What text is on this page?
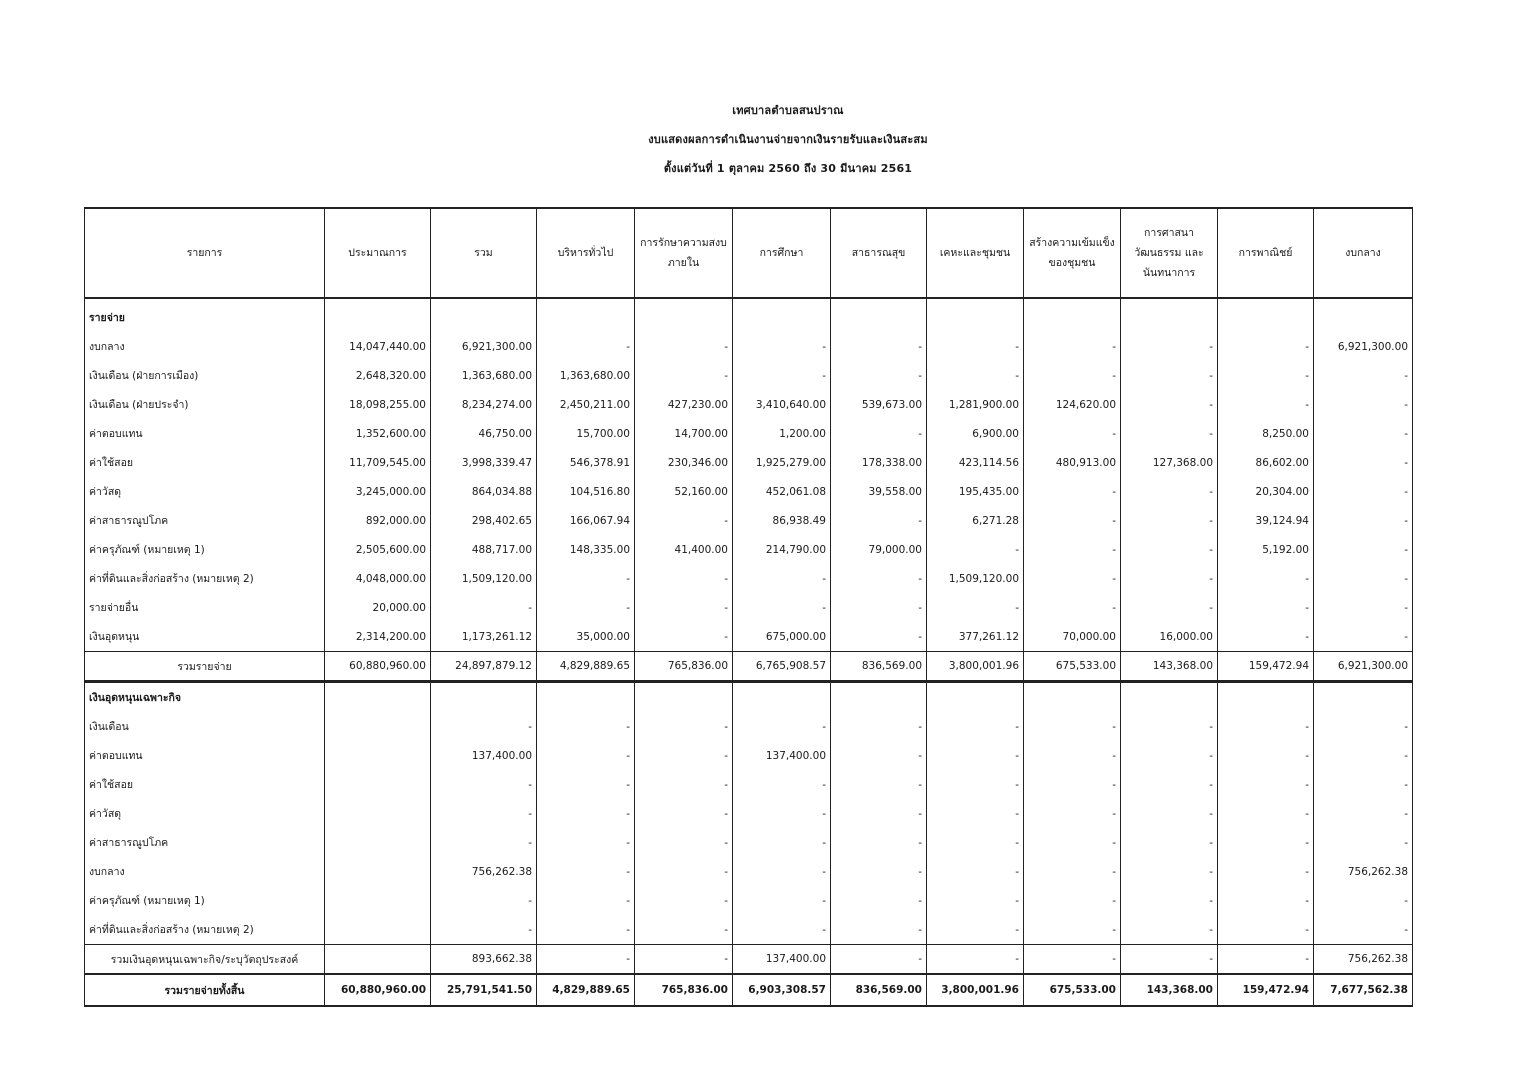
เทศบาลตำบลสนปราณ
งบแสดงผลการดำเนินงานจ่ายจากเงินรายรับและเงินสะสม
ตั้งแต่วันที่ 1 ตุลาคม 2560 ถึง 30 มีนาคม 2561
รายการ	ประมาณการ	รวม	บริหารทั่วไป	การรักษาความสงบภายใน	การศึกษา	สาธารณสุข	เคหะและชุมชน	สร้างความเข้มแข็งของชุมชน	การศาสนา วัฒนธรรม และนันทนาการ	การพาณิชย์	งบกลาง
รายจ่าย											
งบกลาง	14,047,440.00	6,921,300.00	-	-	-	-	-	-	-	-	6,921,300.00
เงินเดือน (ฝ่ายการเมือง)	2,648,320.00	1,363,680.00	1,363,680.00	-	-	-	-	-	-	-	-
เงินเดือน (ฝ่ายประจำ)	18,098,255.00	8,234,274.00	2,450,211.00	427,230.00	3,410,640.00	539,673.00	1,281,900.00	124,620.00	-	-	-
ค่าตอบแทน	1,352,600.00	46,750.00	15,700.00	14,700.00	1,200.00	-	6,900.00	-	-	8,250.00	-
ค่าใช้สอย	11,709,545.00	3,998,339.47	546,378.91	230,346.00	1,925,279.00	178,338.00	423,114.56	480,913.00	127,368.00	86,602.00	-
ค่าวัสดุ	3,245,000.00	864,034.88	104,516.80	52,160.00	452,061.08	39,558.00	195,435.00	-	-	20,304.00	-
ค่าสาธารณูปโภค	892,000.00	298,402.65	166,067.94	-	86,938.49	-	6,271.28	-	-	39,124.94	-
ค่าครุภัณฑ์ (หมายเหตุ 1)	2,505,600.00	488,717.00	148,335.00	41,400.00	214,790.00	79,000.00	-	-	-	5,192.00	-
ค่าที่ดินและสิ่งก่อสร้าง (หมายเหตุ 2)	4,048,000.00	1,509,120.00	-	-	-	-	1,509,120.00	-	-	-	-
รายจ่ายอื่น	20,000.00	-	-	-	-	-	-	-	-	-	-
เงินอุดหนุน	2,314,200.00	1,173,261.12	35,000.00	-	675,000.00	-	377,261.12	70,000.00	16,000.00	-	-
รวมรายจ่าย	60,880,960.00	24,897,879.12	4,829,889.65	765,836.00	6,765,908.57	836,569.00	3,800,001.96	675,533.00	143,368.00	159,472.94	6,921,300.00
เงินอุดหนุนเฉพาะกิจ											
เงินเดือน		-	-	-	-	-	-	-	-	-	-
ค่าตอบแทน		137,400.00	-	-	137,400.00	-	-	-	-	-	-
ค่าใช้สอย		-	-	-	-	-	-	-	-	-	-
ค่าวัสดุ		-	-	-	-	-	-	-	-	-	-
ค่าสาธารณูปโภค		-	-	-	-	-	-	-	-	-	-
งบกลาง		756,262.38	-	-	-	-	-	-	-	-	756,262.38
ค่าครุภัณฑ์ (หมายเหตุ 1)		-	-	-	-	-	-	-	-	-	-
ค่าที่ดินและสิ่งก่อสร้าง (หมายเหตุ 2)		-	-	-	-	-	-	-	-	-	-
รวมเงินอุดหนุนเฉพาะกิจ/ระบุวัตถุประสงค์		893,662.38	-	-	137,400.00	-	-	-	-	-	756,262.38
รวมรายจ่ายทั้งสิ้น	60,880,960.00	25,791,541.50	4,829,889.65	765,836.00	6,903,308.57	836,569.00	3,800,001.96	675,533.00	143,368.00	159,472.94	7,677,562.38
